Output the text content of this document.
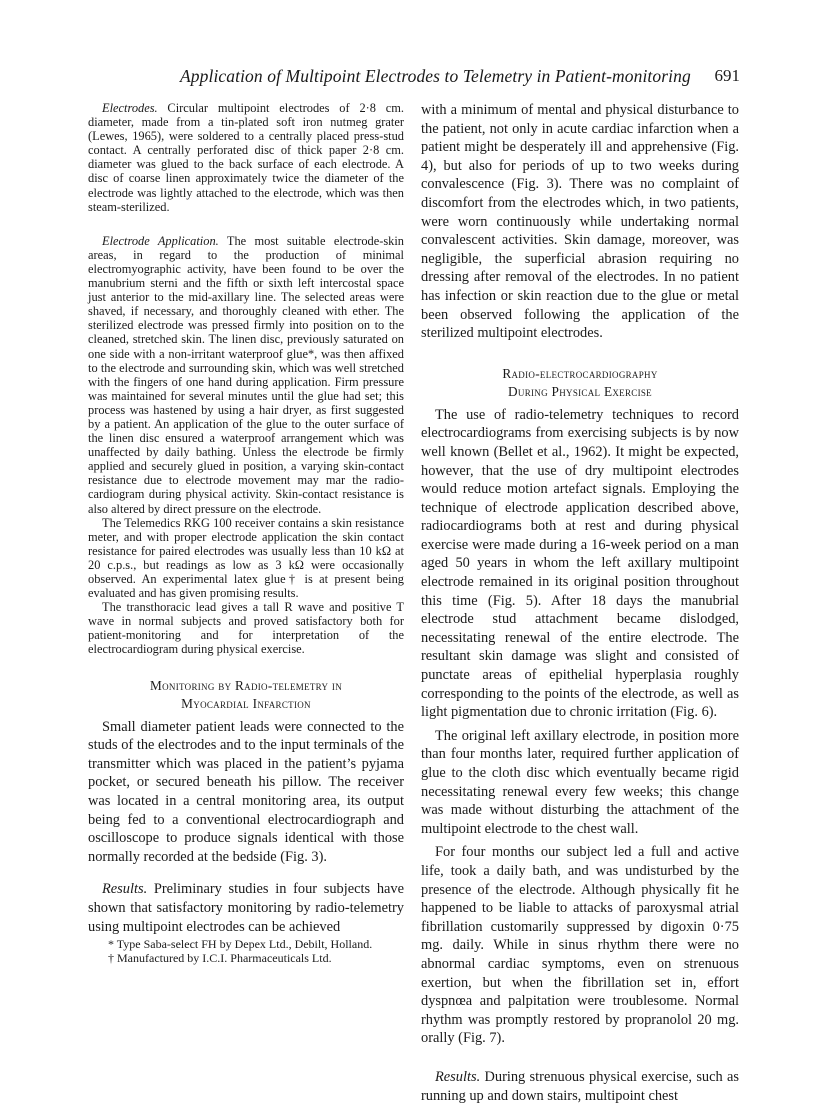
Application of Multipoint Electrodes to Telemetry in Patient-monitoring 691

Electrodes. Circular multipoint electrodes of 2·8 cm. diameter, made from a tin-plated soft iron nutmeg grater (Lewes, 1965), were soldered to a centrally placed press-stud contact. A centrally perforated disc of thick paper 2·8 cm. diameter was glued to the back surface of each electrode. A disc of coarse linen approximately twice the diameter of the electrode was lightly attached to the electrode, which was then steam-sterilized.

Electrode Application. The most suitable electrode-skin areas, in regard to the production of minimal electromyographic activity, have been found to be over the manubrium sterni and the fifth or sixth left intercostal space just anterior to the mid-axillary line. The selected areas were shaved, if necessary, and thoroughly cleaned with ether. The sterilized electrode was pressed firmly into position on to the cleaned, stretched skin. The linen disc, previously saturated on one side with a non-irritant waterproof glue*, was then affixed to the electrode and surrounding skin, which was well stretched with the fingers of one hand during application. Firm pressure was maintained for several minutes until the glue had set; this process was hastened by using a hair dryer, as first suggested by a patient. An application of the glue to the outer surface of the linen disc ensured a waterproof arrangement which was unaffected by daily bathing. Unless the electrode be firmly applied and securely glued in position, a varying skin-contact resistance due to electrode movement may mar the radio-cardiogram during physical activity. Skin-contact resistance is also altered by direct pressure on the electrode.

The Telemedics RKG 100 receiver contains a skin resistance meter, and with proper electrode application the skin contact resistance for paired electrodes was usually less than 10 kΩ at 20 c.p.s., but readings as low as 3 kΩ were occasionally observed. An experimental latex glue† is at present being evaluated and has given promising results.

The transthoracic lead gives a tall R wave and positive T wave in normal subjects and proved satisfactory both for patient-monitoring and for interpretation of the electrocardiogram during physical exercise.

Monitoring by Radio-telemetry in

Myocardial Infarction

Small diameter patient leads were connected to the studs of the electrodes and to the input terminals of the transmitter which was placed in the patient’s pyjama pocket, or secured beneath his pillow. The receiver was located in a central monitoring area, its output being fed to a conventional electrocardiograph and oscilloscope to produce signals identical with those normally recorded at the bedside (Fig. 3).

Results. Preliminary studies in four subjects have shown that satisfactory monitoring by radio-telemetry using multipoint electrodes can be achieved

* Type Saba-select FH by Depex Ltd., Debilt, Holland.

† Manufactured by I.C.I. Pharmaceuticals Ltd.

with a minimum of mental and physical disturbance to the patient, not only in acute cardiac infarction when a patient might be desperately ill and apprehensive (Fig. 4), but also for periods of up to two weeks during convalescence (Fig. 3). There was no complaint of discomfort from the electrodes which, in two patients, were worn continuously while undertaking normal convalescent activities. Skin damage, moreover, was negligible, the superficial abrasion requiring no dressing after removal of the electrodes. In no patient has infection or skin reaction due to the glue or metal been observed following the application of the sterilized multipoint electrodes.

Radio-electrocardiography

During Physical Exercise

The use of radio-telemetry techniques to record electrocardiograms from exercising subjects is by now well known (Bellet et al., 1962). It might be expected, however, that the use of dry multipoint electrodes would reduce motion artefact signals. Employing the technique of electrode application described above, radiocardiograms both at rest and during physical exercise were made during a 16-week period on a man aged 50 years in whom the left axillary multipoint electrode remained in its original position throughout this time (Fig. 5). After 18 days the manubrial electrode stud attachment became dislodged, necessitating renewal of the entire electrode. The resultant skin damage was slight and consisted of punctate areas of epithelial hyperplasia roughly corresponding to the points of the electrode, as well as light pigmentation due to chronic irritation (Fig. 6).

The original left axillary electrode, in position more than four months later, required further application of glue to the cloth disc which eventually became rigid necessitating renewal every few weeks; this change was made without disturbing the attachment of the multipoint electrode to the chest wall.

For four months our subject led a full and active life, took a daily bath, and was undisturbed by the presence of the electrode. Although physically fit he happened to be liable to attacks of paroxysmal atrial fibrillation customarily suppressed by digoxin 0·75 mg. daily. While in sinus rhythm there were no abnormal cardiac symptoms, even on strenuous exertion, but when the fibrillation set in, effort dyspnœa and palpitation were troublesome. Normal rhythm was promptly restored by propranolol 20 mg. orally (Fig. 7).

Results. During strenuous physical exercise, such as running up and down stairs, multipoint chest
